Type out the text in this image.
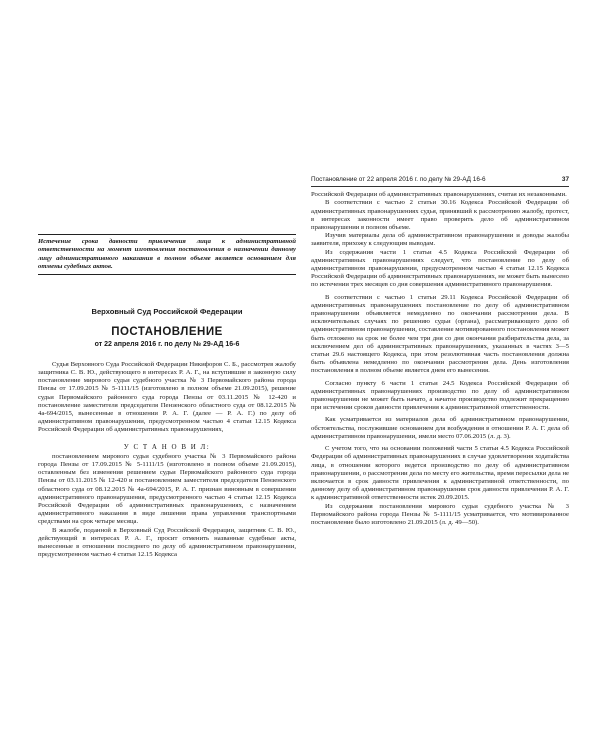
Истечение срока давности привлечения лица к административной ответственности на момент изготовления постановления о назначении данному лицу административного наказания в полном объеме является основанием для отмены судебных актов.

Верховный Суд Российской Федерации
ПОСТАНОВЛЕНИЕ
от 22 апреля 2016 г. по делу № 29-АД 16-6

Судья Верховного Суда Российской Федерации Никифоров С. Б., рассмотрев жалобу защитника С. В. Ю., действующего в интересах Р. А. Г., на вступившие в законную силу постановление мирового судьи судебного участка № 3 Первомайского района города Пензы от 17.09.2015 № 5-1111/15 (изготовлено в полном объеме 21.09.2015), решение судьи Первомайского районного суда города Пензы от 03.11.2015 № 12-420 и постановление заместителя председателя Пензенского областного суда от 08.12.2015 № 4а-694/2015, вынесенные в отношении Р. А. Г. (далее — Р. А. Г.) по делу об административном правонарушении, предусмотренном частью 4 статьи 12.15 Кодекса Российской Федерации об административных правонарушениях,

У С Т А Н О В И Л:

постановлением мирового судьи судебного участка № 3 Первомайского района города Пензы от 17.09.2015 № 5-1111/15 (изготовлено в полном объеме 21.09.2015), оставленным без изменения решением судьи Первомайского районного суда города Пензы от 03.11.2015 № 12-420 и постановлением заместителя председателя Пензенского областного суда от 08.12.2015 № 4а-694/2015, Р. А. Г. признан виновным в совершении административного правонарушения, предусмотренного частью 4 статьи 12.15 Кодекса Российской Федерации об административных правонарушениях, с назначением административного наказания в виде лишения права управления транспортными средствами на срок четыре месяца.

В жалобе, поданной в Верховный Суд Российской Федерации, защитник С. В. Ю., действующий в интересах Р. А. Г., просит отменить названные судебные акты, вынесенные в отношении последнего по делу об административном правонарушении, предусмотренном частью 4 статьи 12.15 Кодекса

Постановление от 22 апреля 2016 г. по делу № 29-АД 16-6	37

Российской Федерации об административных правонарушениях, считая их незаконными.

В соответствии с частью 2 статьи 30.16 Кодекса Российской Федерации об административных правонарушениях судья, принявший к рассмотрению жалобу, протест, в интересах законности имеет право проверить дело об административном правонарушении в полном объеме.

Изучив материалы дела об административном правонарушении и доводы жалобы заявителя, прихожу к следующим выводам.

Из содержания части 1 статьи 4.5 Кодекса Российской Федерации об административных правонарушениях следует, что постановление по делу об административном правонарушении, предусмотренном частью 4 статьи 12.15 Кодекса Российской Федерации об административных правонарушениях, не может быть вынесено по истечении трех месяцев со дня совершения административного правонарушения.

В соответствии с частью 1 статьи 29.11 Кодекса Российской Федерации об административных правонарушениях постановление по делу об административном правонарушении объявляется немедленно по окончании рассмотрения дела. В исключительных случаях по решению судьи (органа), рассматривающего дело об административном правонарушении, составление мотивированного постановления может быть отложено на срок не более чем три дня со дня окончания разбирательства дела, за исключением дел об административных правонарушениях, указанных в частях 3—5 статьи 29.6 настоящего Кодекса, при этом резолютивная часть постановления должна быть объявлена немедленно по окончании рассмотрения дела. День изготовления постановления в полном объеме является днем его вынесения.

Согласно пункту 6 части 1 статьи 24.5 Кодекса Российской Федерации об административных правонарушениях производство по делу об административном правонарушении не может быть начато, а начатое производство подлежит прекращению при истечении сроков давности привлечения к административной ответственности.

Как усматривается из материалов дела об административном правонарушении, обстоятельства, послужившие основанием для возбуждения в отношении Р. А. Г. дела об административном правонарушении, имели место 07.06.2015 (л. д. 3).

С учетом того, что на основании положений части 5 статьи 4.5 Кодекса Российской Федерации об административных правонарушениях в случае удовлетворения ходатайства лица, в отношении которого ведется производство по делу об административном правонарушении, о рассмотрении дела по месту его жительства, время пересылки дела не включается в срок давности привлечения к административной ответственности, по данному делу об административном правонарушении срок давности привлечения Р. А. Г. к административной ответственности истек 20.09.2015.

Из содержания постановления мирового судьи судебного участка № 3 Первомайского района города Пензы № 5-1111/15 усматривается, что мотивированное постановление было изготовлено 21.09.2015 (л. д. 49—50).
